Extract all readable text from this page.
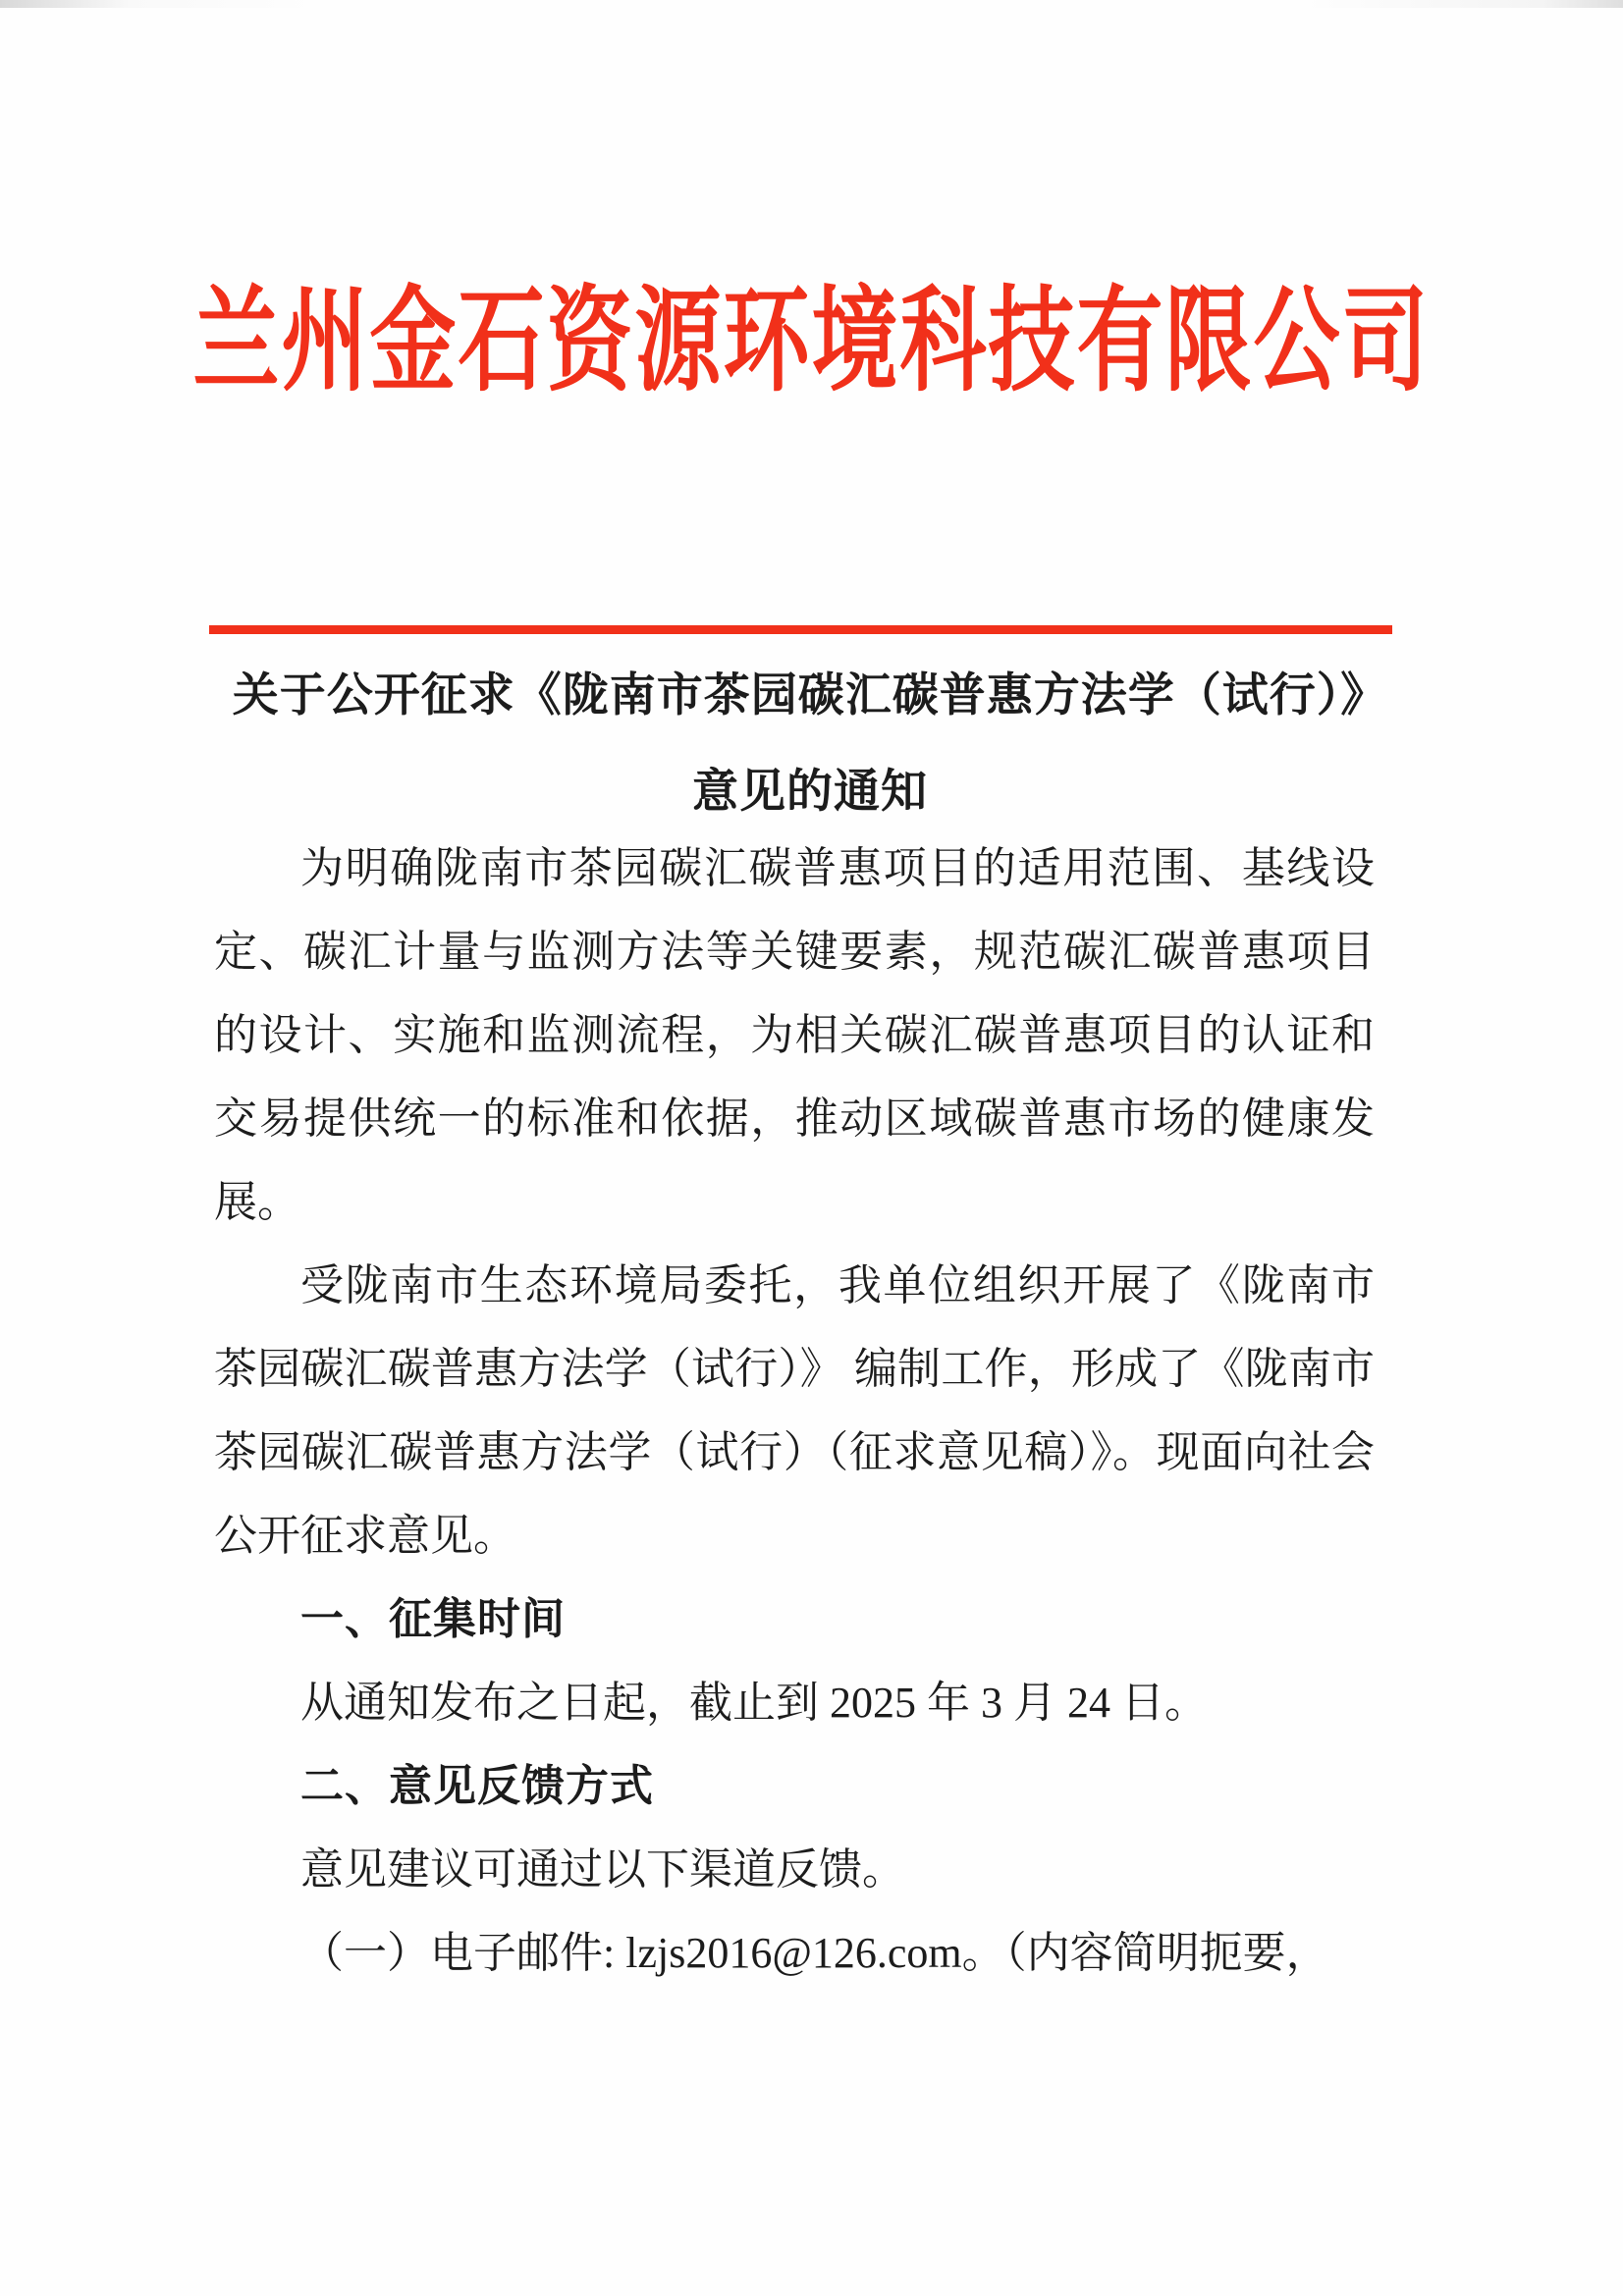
兰州金石资源环境科技有限公司
关于公开征求《陇南市茶园碳汇碳普惠方法学（试行）》
意见的通知

为明确陇南市茶园碳汇碳普惠项目的适用范围、基线设定、碳汇计量与监测方法等关键要素，规范碳汇碳普惠项目的设计、实施和监测流程，为相关碳汇碳普惠项目的认证和交易提供统一的标准和依据，推动区域碳普惠市场的健康发展。

受陇南市生态环境局委托，我单位组织开展了《陇南市茶园碳汇碳普惠方法学（试行）》 编制工作，形成了《陇南市茶园碳汇碳普惠方法学（试行）（征求意见稿）》。现面向社会公开征求意见。

一、征集时间

从通知发布之日起，截止到 2025 年 3 月 24 日。

二、意见反馈方式

意见建议可通过以下渠道反馈。

（一）电子邮件: lzjs2016@126.com。（内容简明扼要，
